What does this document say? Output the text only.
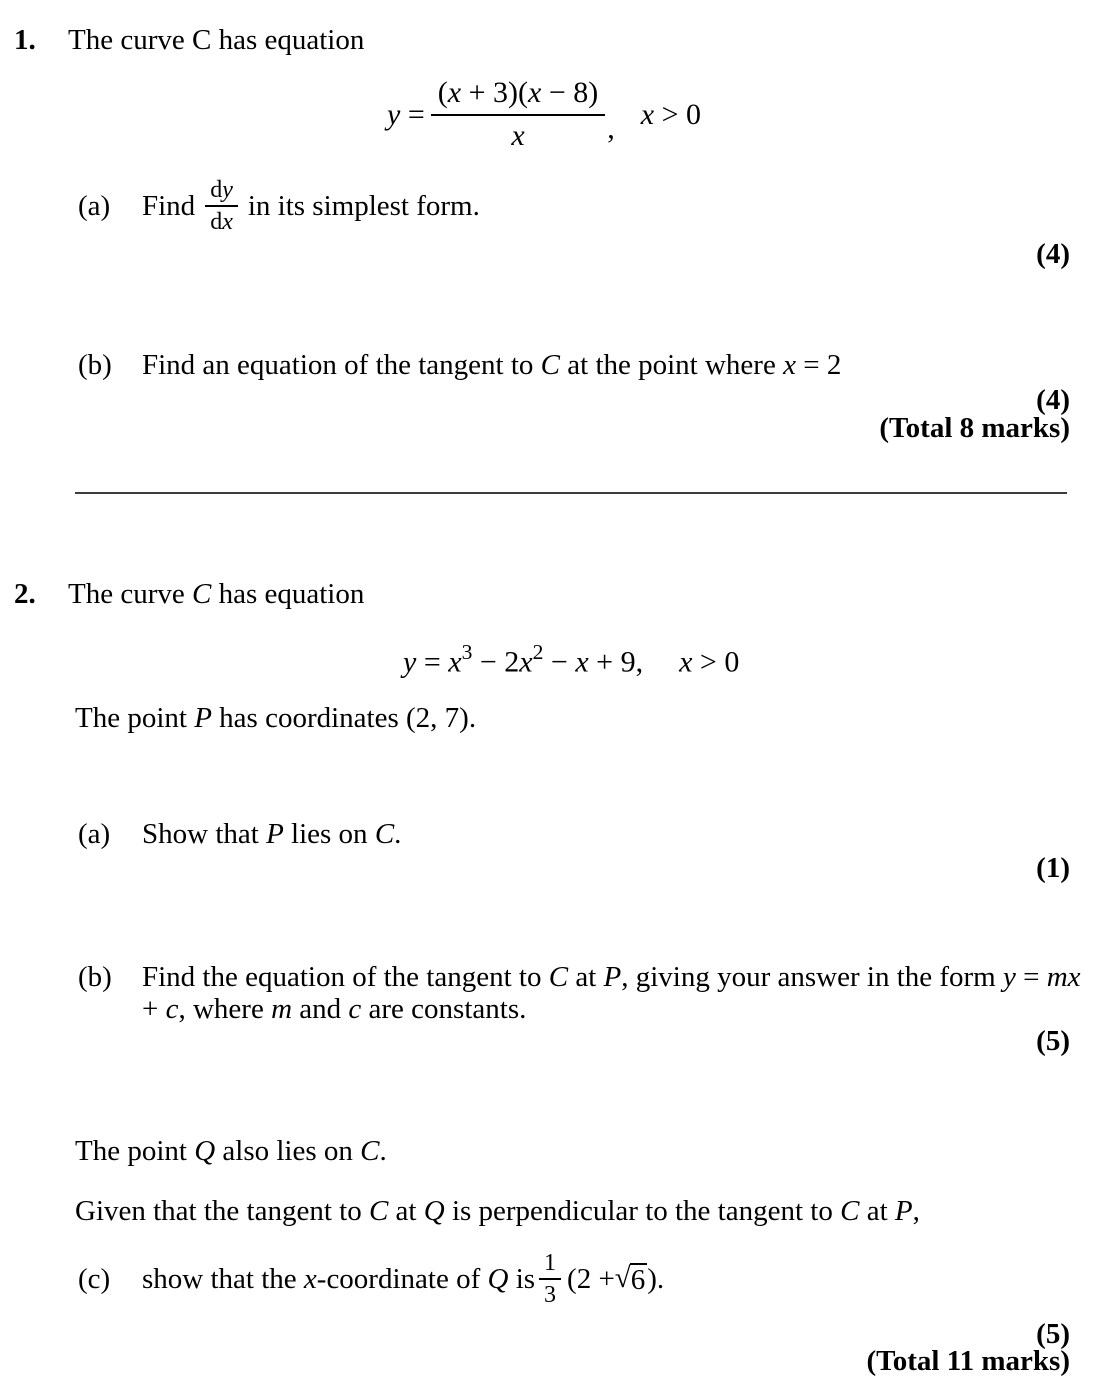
1.	The curve C has equation
$y = \frac{(x + 3)(x - 8)}{x}$ , x > 0
(a)	Find $\frac{dy}{dx}$ in its simplest form.
(4)
(b)	Find an equation of the tangent to C at the point where x = 2
(4)
(Total 8 marks)
2.	The curve C has equation
$y = x^3 - 2x^2 - x + 9$, x > 0
The point P has coordinates (2, 7).
(a)	Show that P lies on C.
(1)
(b)	Find the equation of the tangent to C at P, giving your answer in the form y = mx
+ c, where m and c are constants.
(5)
The point Q also lies on C.
Given that the tangent to C at Q is perpendicular to the tangent to C at P,
(c)	show that the x-coordinate of Q is $\frac{1}{3} (2$ + √ 6 ).
(5)
(Total 11 marks)
